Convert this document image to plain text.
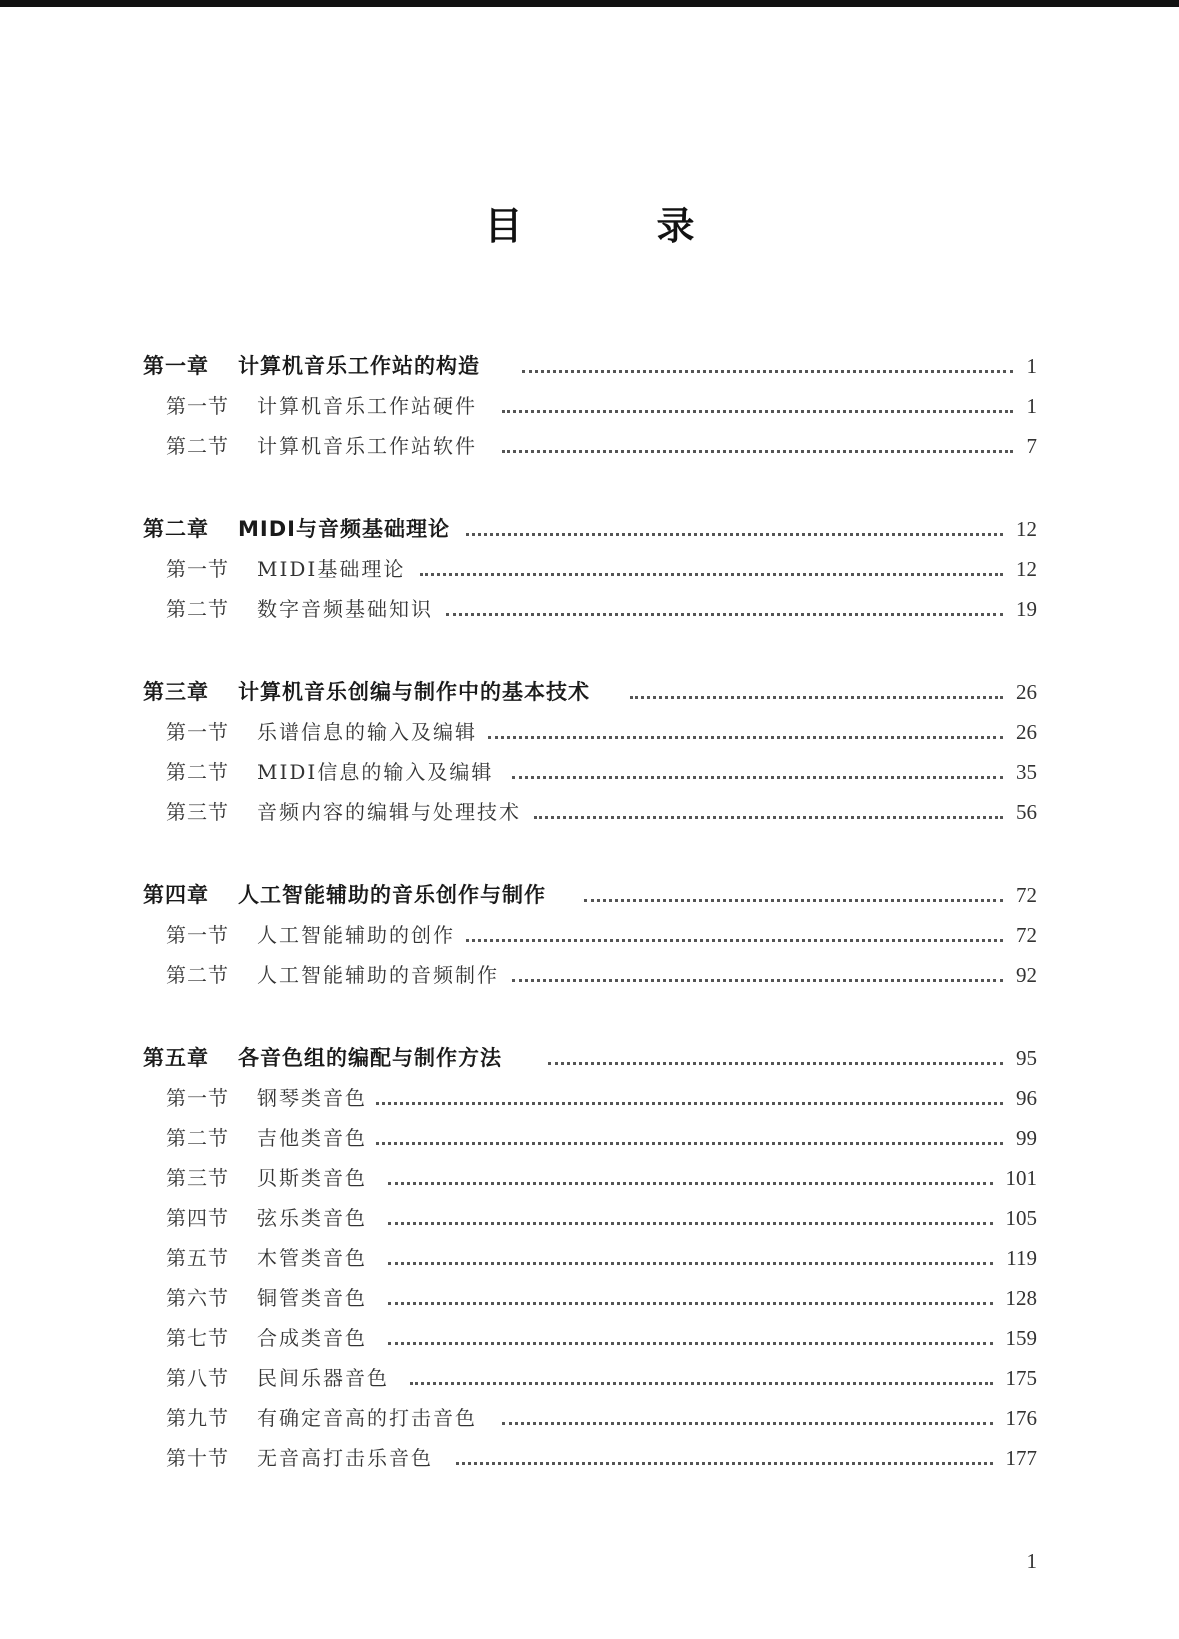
目　录
第一章 计算机音乐工作站的构造	1
第一节 计算机音乐工作站硬件	1
第二节 计算机音乐工作站软件	7
第二章 MIDI与音频基础理论	12
第一节 MIDI基础理论	12
第二节 数字音频基础知识	19
第三章 计算机音乐创编与制作中的基本技术	26
第一节 乐谱信息的输入及编辑	26
第二节 MIDI信息的输入及编辑	35
第三节 音频内容的编辑与处理技术	56
第四章 人工智能辅助的音乐创作与制作	72
第一节 人工智能辅助的创作	72
第二节 人工智能辅助的音频制作	92
第五章 各音色组的编配与制作方法	95
第一节 钢琴类音色	96
第二节 吉他类音色	99
第三节 贝斯类音色	101
第四节 弦乐类音色	105
第五节 木管类音色	119
第六节 铜管类音色	128
第七节 合成类音色	159
第八节 民间乐器音色	175
第九节 有确定音高的打击音色	176
第十节 无音高打击乐音色	177
1
